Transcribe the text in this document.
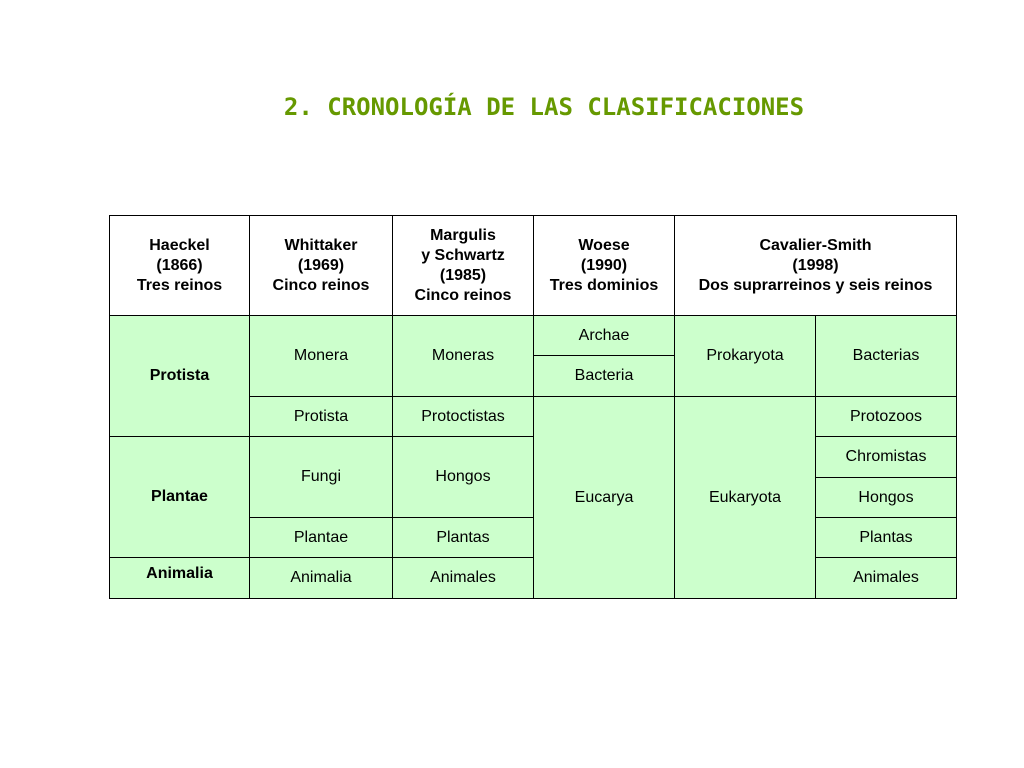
2. CRONOLOGÍA DE LAS CLASIFICACIONES
Haeckel
(1866)
Tres reinos	Whittaker
(1969)
Cinco reinos	Margulis
y Schwartz
(1985)
Cinco reinos	Woese
(1990)
Tres dominios	Cavalier-Smith
(1998)
Dos suprarreinos y seis reinos	

Protista	Monera	Moneras	Archae	Prokaryota	Bacterias
			Bacteria		
	Protista	Protoctistas	Eucarya	Eukaryota	Protozoos
Plantae	Fungi	Hongos			Chromistas
					Hongos
	Plantae	Plantas			Plantas
Animalia	Animalia	Animales			Animales
